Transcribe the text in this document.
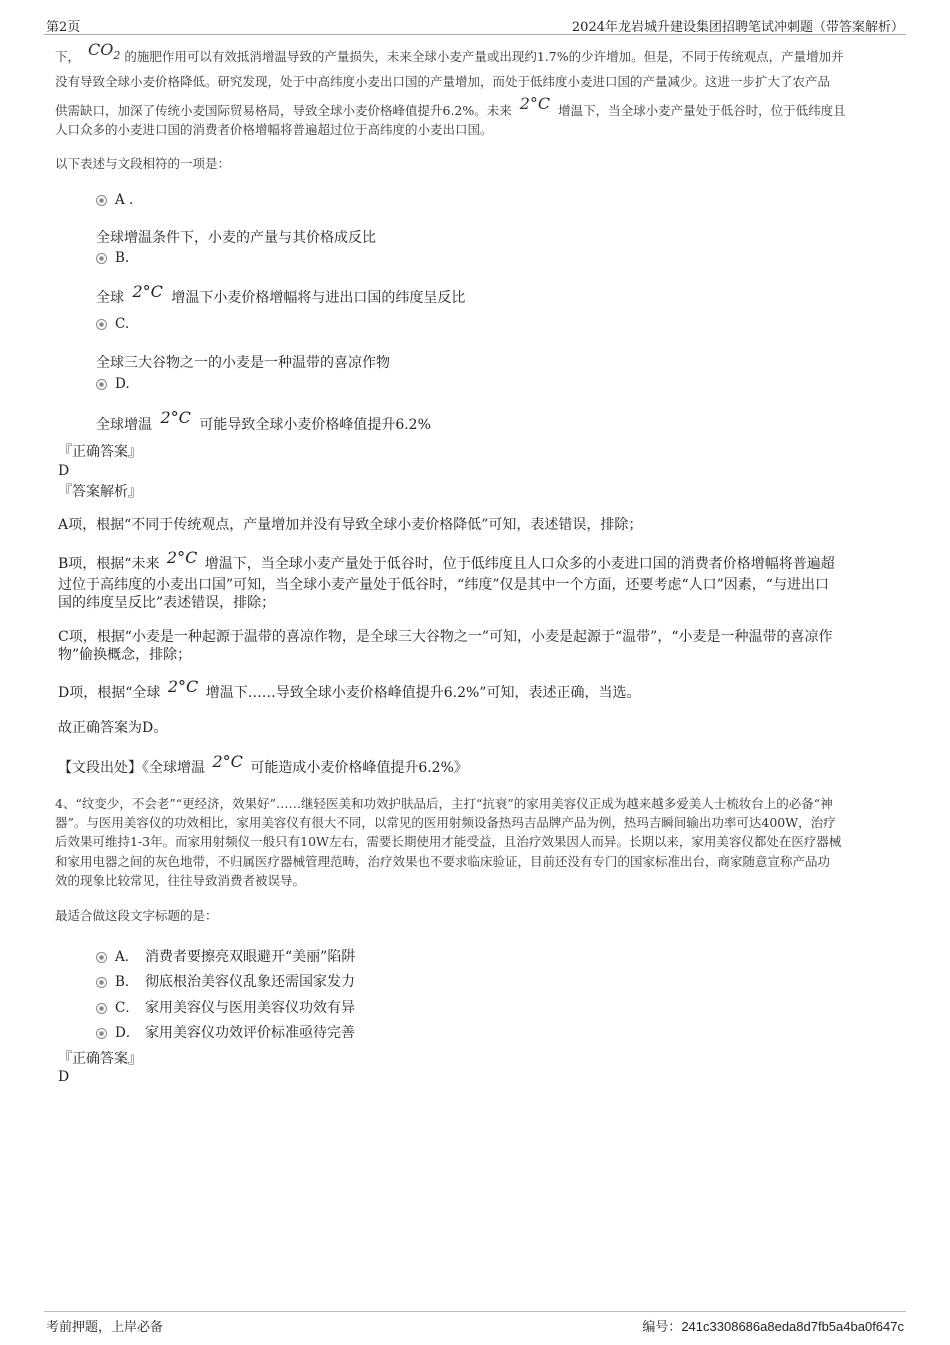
第2页	2024年龙岩城升建设集团招聘笔试冲刺题（带答案解析）
下， $CO_2$ 的施肥作用可以有效抵消增温导致的产量损失，未来全球小麦产量或出现约1.7%的少许增加。但是，不同于传统观点，产量增加并
没有导致全球小麦价格降低。研究发现，处于中高纬度小麦出口国的产量增加，而处于低纬度小麦进口国的产量减少。这进一步扩大了农产品
供需缺口，加深了传统小麦国际贸易格局，导致全球小麦价格峰值提升6.2%。未来 2°C 增温下，当全球小麦产量处于低谷时，位于低纬度且
人口众多的小麦进口国的消费者价格增幅将普遍超过位于高纬度的小麦出口国。
以下表述与文段相符的一项是：
A .
全球增温条件下，小麦的产量与其价格成反比
B.
全球 2°C 增温下小麦价格增幅将与进出口国的纬度呈反比
C.
全球三大谷物之一的小麦是一种温带的喜凉作物
D.
全球增温 2°C 可能导致全球小麦价格峰值提升6.2%
『正确答案』
D
『答案解析』
A项，根据“不同于传统观点，产量增加并没有导致全球小麦价格降低”可知，表述错误，排除；
B项，根据“未来 2°C 增温下，当全球小麦产量处于低谷时，位于低纬度且人口众多的小麦进口国的消费者价格增幅将普遍超
过位于高纬度的小麦出口国”可知，当全球小麦产量处于低谷时，“纬度”仅是其中一个方面，还要考虑“人口”因素，“与进出口
国的纬度呈反比”表述错误，排除；
C项，根据“小麦是一种起源于温带的喜凉作物，是全球三大谷物之一”可知，小麦是起源于“温带”，“小麦是一种温带的喜凉作
物”偷换概念，排除；
D项，根据“全球 2°C 增温下……导致全球小麦价格峰值提升6.2%”可知，表述正确，当选。
故正确答案为D。
【文段出处】《全球增温 2°C 可能造成小麦价格峰值提升6.2%》
4、“纹变少，不会老”“更经济，效果好”……继轻医美和功效护肤品后，主打“抗衰”的家用美容仪正成为越来越多爱美人士梳妆台上的必备“神
器”。与医用美容仪的功效相比，家用美容仪有很大不同，以常见的医用射频设备热玛吉品牌产品为例，热玛吉瞬间输出功率可达400W，治疗
后效果可维持1-3年。而家用射频仪一般只有10W左右，需要长期使用才能受益，且治疗效果因人而异。长期以来，家用美容仪都处在医疗器械
和家用电器之间的灰色地带，不归属医疗器械管理范畴，治疗效果也不要求临床验证，目前还没有专门的国家标准出台，商家随意宣称产品功
效的现象比较常见，往往导致消费者被误导。
最适合做这段文字标题的是：
A． 消费者要擦亮双眼避开“美丽”陷阱
B． 彻底根治美容仪乱象还需国家发力
C． 家用美容仪与医用美容仪功效有异
D． 家用美容仪功效评价标准亟待完善
『正确答案』
D
考前押题，上岸必备	编号：241c3308686a8eda8d7fb5a4ba0f647c
